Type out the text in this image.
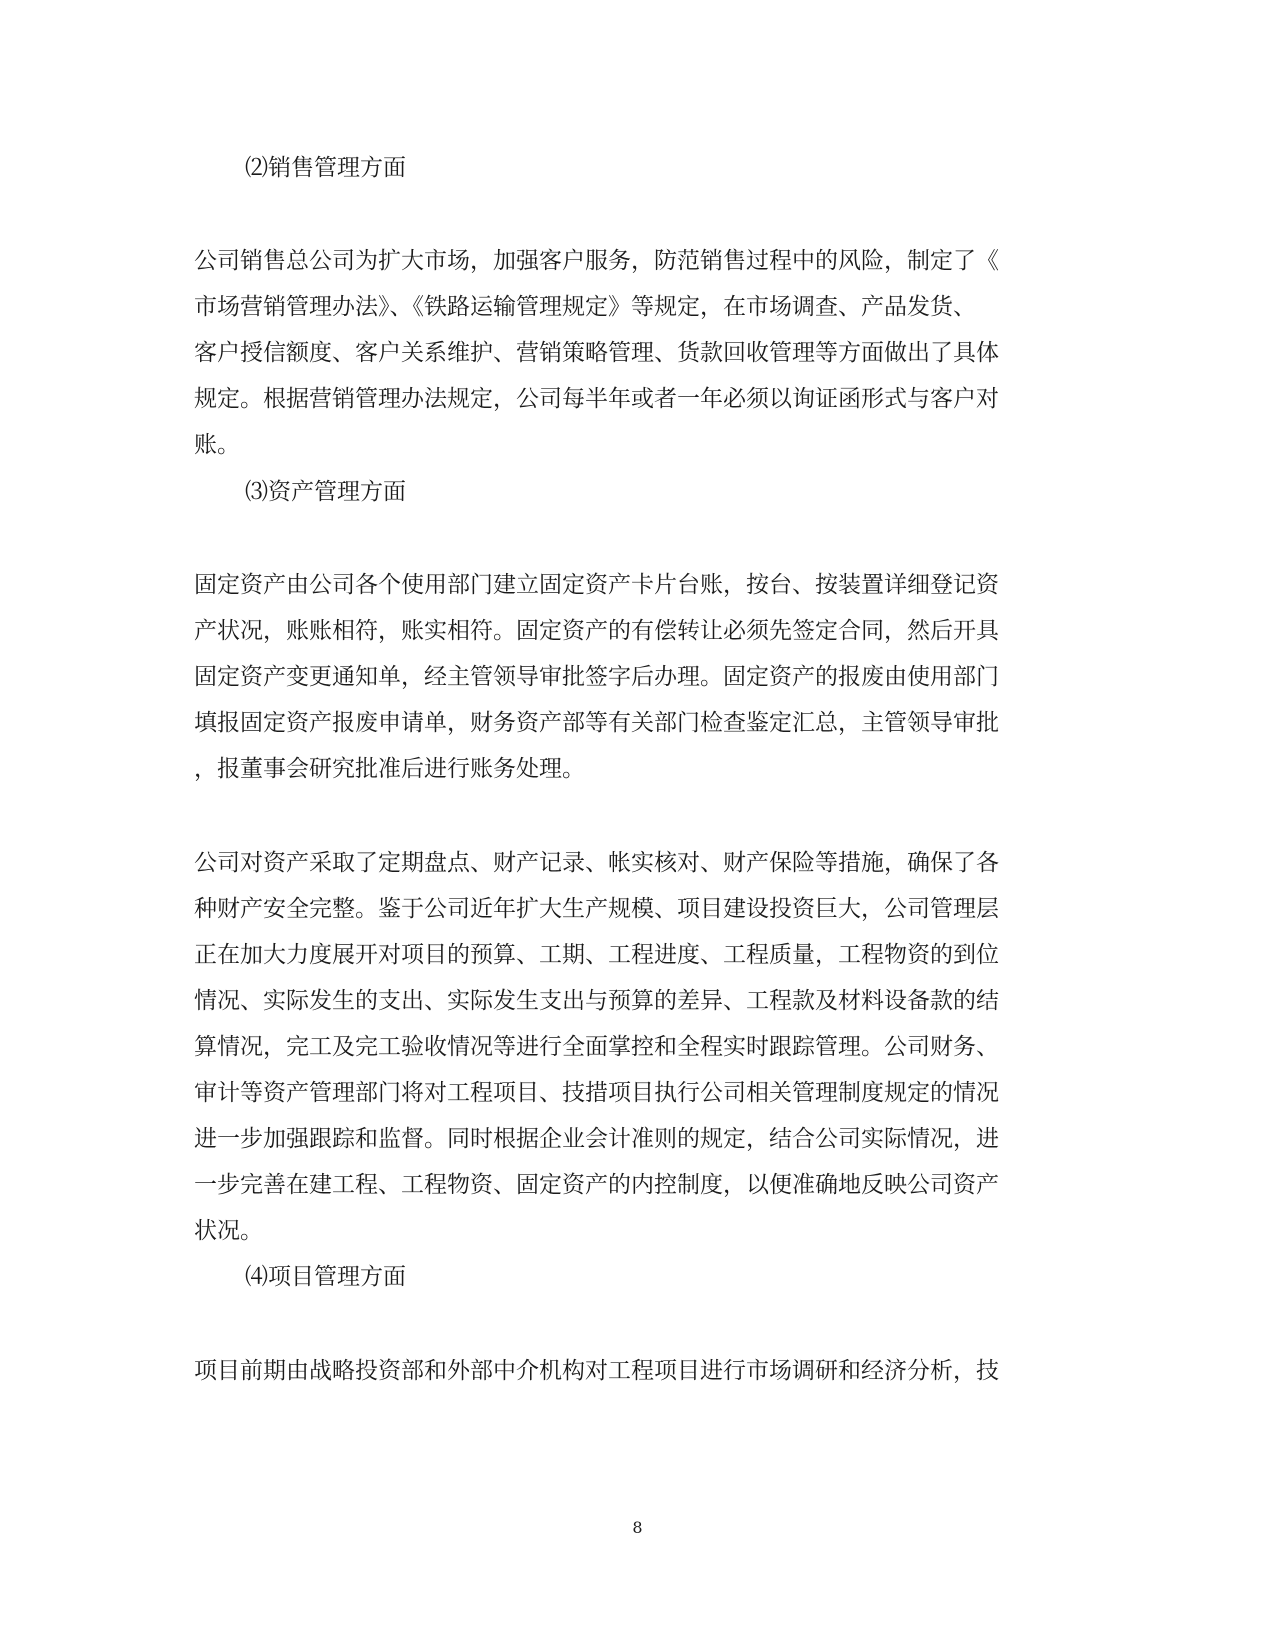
⑵销售管理方面
公司销售总公司为扩大市场，加强客户服务，防范销售过程中的风险，制定了《
市场营销管理办法》、《铁路运输管理规定》等规定，在市场调查、产品发货、
客户授信额度、客户关系维护、营销策略管理、货款回收管理等方面做出了具体
规定。根据营销管理办法规定，公司每半年或者一年必须以询证函形式与客户对
账。
⑶资产管理方面
固定资产由公司各个使用部门建立固定资产卡片台账，按台、按装置详细登记资
产状况，账账相符，账实相符。固定资产的有偿转让必须先签定合同，然后开具
固定资产变更通知单，经主管领导审批签字后办理。固定资产的报废由使用部门
填报固定资产报废申请单，财务资产部等有关部门检查鉴定汇总，主管领导审批
，报董事会研究批准后进行账务处理。
公司对资产采取了定期盘点、财产记录、帐实核对、财产保险等措施，确保了各
种财产安全完整。鉴于公司近年扩大生产规模、项目建设投资巨大，公司管理层
正在加大力度展开对项目的预算、工期、工程进度、工程质量，工程物资的到位
情况、实际发生的支出、实际发生支出与预算的差异、工程款及材料设备款的结
算情况，完工及完工验收情况等进行全面掌控和全程实时跟踪管理。公司财务、
审计等资产管理部门将对工程项目、技措项目执行公司相关管理制度规定的情况
进一步加强跟踪和监督。同时根据企业会计准则的规定，结合公司实际情况，进
一步完善在建工程、工程物资、固定资产的内控制度，以便准确地反映公司资产
状况。
⑷项目管理方面
项目前期由战略投资部和外部中介机构对工程项目进行市场调研和经济分析，技
8
